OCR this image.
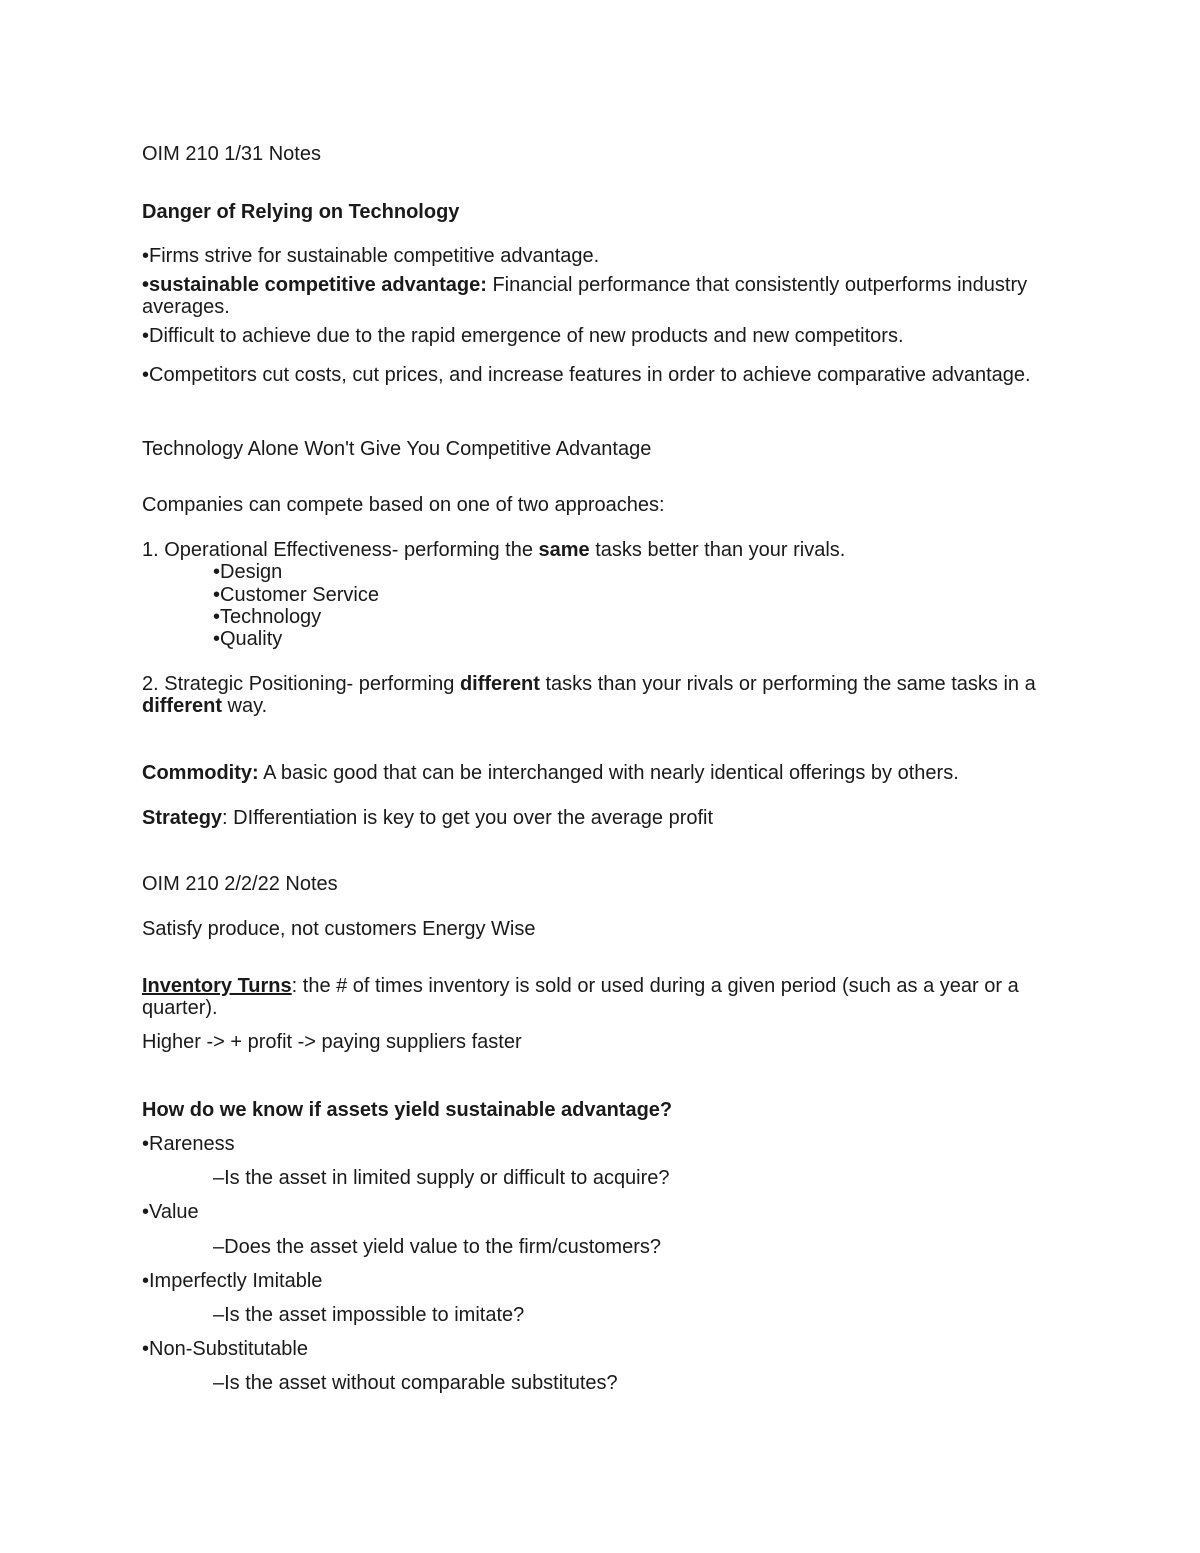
OIM 210 1/31 Notes
Danger of Relying on Technology
•Firms strive for sustainable competitive advantage.
•sustainable competitive advantage: Financial performance that consistently outperforms industry averages.
•Difficult to achieve due to the rapid emergence of new products and new competitors.
•Competitors cut costs, cut prices, and increase features in order to achieve comparative advantage.
Technology Alone Won't Give You Competitive Advantage
Companies can compete based on one of two approaches:
1. Operational Effectiveness- performing the same tasks better than your rivals.
•Design
•Customer Service
•Technology
•Quality
2. Strategic Positioning- performing different tasks than your rivals or performing the same tasks in a different way.
Commodity: A basic good that can be interchanged with nearly identical offerings by others.
Strategy: DIfferentiation is key to get you over the average profit
OIM 210 2/2/22 Notes
Satisfy produce, not customers Energy Wise
Inventory Turns: the # of times inventory is sold or used during a given period (such as a year or a quarter).
Higher -> + profit -> paying suppliers faster
How do we know if assets yield sustainable advantage?
•Rareness
–Is the asset in limited supply or difficult to acquire?
•Value
–Does the asset yield value to the firm/customers?
•Imperfectly Imitable
–Is the asset impossible to imitate?
•Non-Substitutable
–Is the asset without comparable substitutes?
